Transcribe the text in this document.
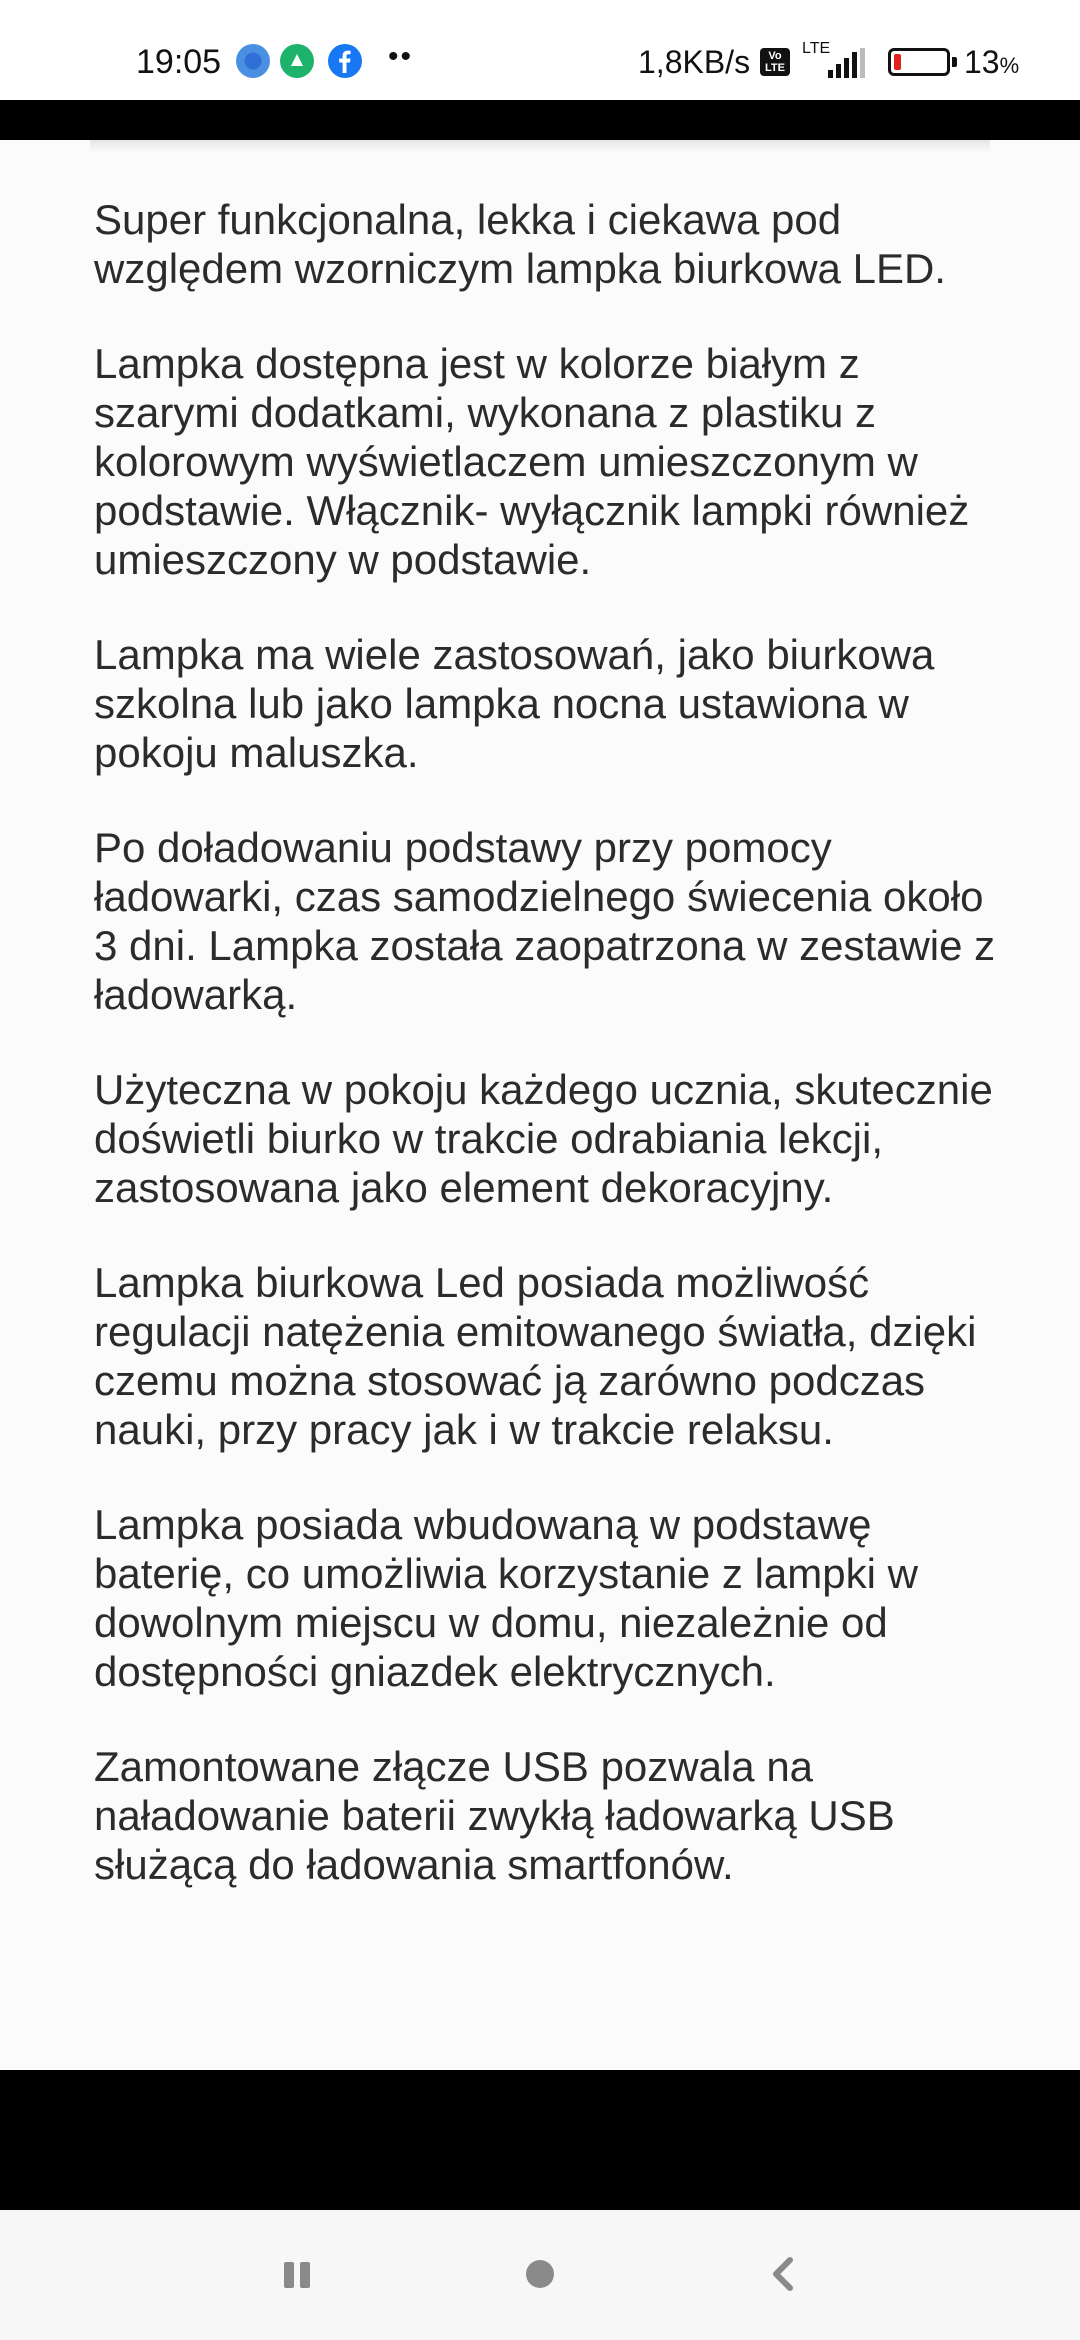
19:05	••	1,8KB/s	Vo LTE
LTE	13%

Super funkcjonalna, lekka i ciekawa pod względem wzorniczym lampka biurkowa LED.

Lampka dostępna jest w kolorze białym z szarymi dodatkami, wykonana z plastiku z kolorowym wyświetlaczem umieszczonym w podstawie. Włącznik- wyłącznik lampki również umieszczony w podstawie.

Lampka ma wiele zastosowań, jako biurkowa szkolna lub jako lampka nocna ustawiona w pokoju maluszka.

Po doładowaniu podstawy przy pomocy ładowarki, czas samodzielnego świecenia około 3 dni. Lampka została zaopatrzona w zestawie z ładowarką.

Użyteczna w pokoju każdego ucznia, skutecznie doświetli biurko w trakcie odrabiania lekcji, zastosowana jako element dekoracyjny.

Lampka biurkowa Led posiada możliwość regulacji natężenia emitowanego światła, dzięki czemu można stosować ją zarówno podczas nauki, przy pracy jak i w trakcie relaksu.

Lampka posiada wbudowaną w podstawę baterię, co umożliwia korzystanie z lampki w dowolnym miejscu w domu, niezależnie od dostępności gniazdek elektrycznych.

Zamontowane złącze USB pozwala na naładowanie baterii zwykłą ładowarką USB służącą do ładowania smartfonów.
